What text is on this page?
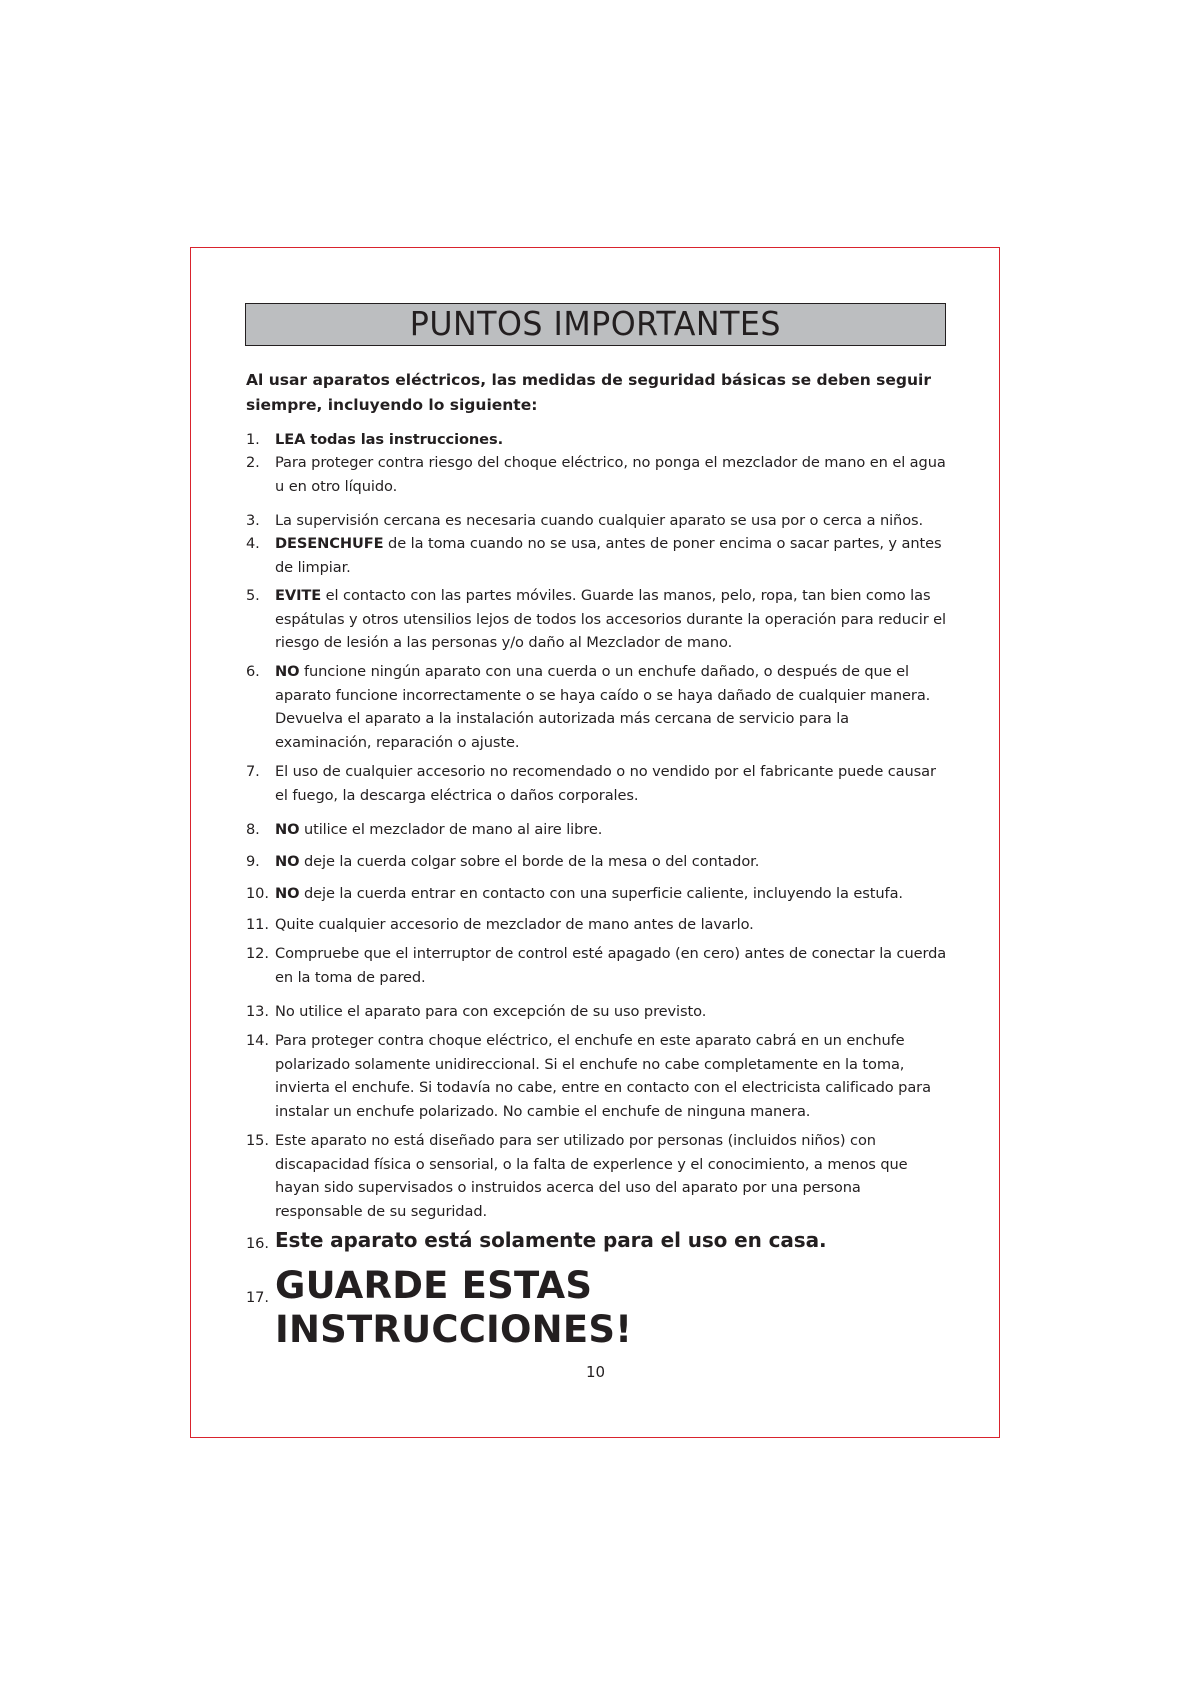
PUNTOS IMPORTANTES

Al usar aparatos eléctricos, las medidas de seguridad básicas se deben seguir siempre, incluyendo lo siguiente:

1. LEA todas las instrucciones.
2. Para proteger contra riesgo del choque eléctrico, no ponga el mezclador de mano en el agua u en otro líquido.
3. La supervisión cercana es necesaria cuando cualquier aparato se usa por o cerca a niños.
4. DESENCHUFE de la toma cuando no se usa, antes de poner encima o sacar partes, y antes de limpiar.
5. EVITE el contacto con las partes móviles. Guarde las manos, pelo, ropa, tan bien como las espátulas y otros utensilios lejos de todos los accesorios durante la operación para reducir el riesgo de lesión a las personas y/o daño al Mezclador de mano.
6. NO funcione ningún aparato con una cuerda o un enchufe dañado, o después de que el aparato funcione incorrectamente o se haya caído o se haya dañado de cualquier manera. Devuelva el aparato a la instalación autorizada más cercana de servicio para la examinación, reparación o ajuste.
7. El uso de cualquier accesorio no recomendado o no vendido por el fabricante puede causar el fuego, la descarga eléctrica o daños corporales.
8. NO utilice el mezclador de mano al aire libre.
9. NO deje la cuerda colgar sobre el borde de la mesa o del contador.
10. NO deje la cuerda entrar en contacto con una superficie caliente, incluyendo la estufa.
11. Quite cualquier accesorio de mezclador de mano antes de lavarlo.
12. Compruebe que el interruptor de control esté apagado (en cero) antes de conectar la cuerda en la toma de pared.
13. No utilice el aparato para con excepción de su uso previsto.
14. Para proteger contra choque eléctrico, el enchufe en este aparato cabrá en un enchufe polarizado solamente unidireccional. Si el enchufe no cabe completamente en la toma, invierta el enchufe. Si todavía no cabe, entre en contacto con el electricista calificado para instalar un enchufe polarizado. No cambie el enchufe de ninguna manera.
15. Este aparato no está diseñado para ser utilizado por personas (incluidos niños) con discapacidad física o sensorial, o la falta de experlence y el conocimiento, a menos que hayan sido supervisados o instruidos acerca del uso del aparato por una persona responsable de su seguridad.
16. Este aparato está solamente para el uso en casa.
17. GUARDE ESTAS INSTRUCCIONES!
10
